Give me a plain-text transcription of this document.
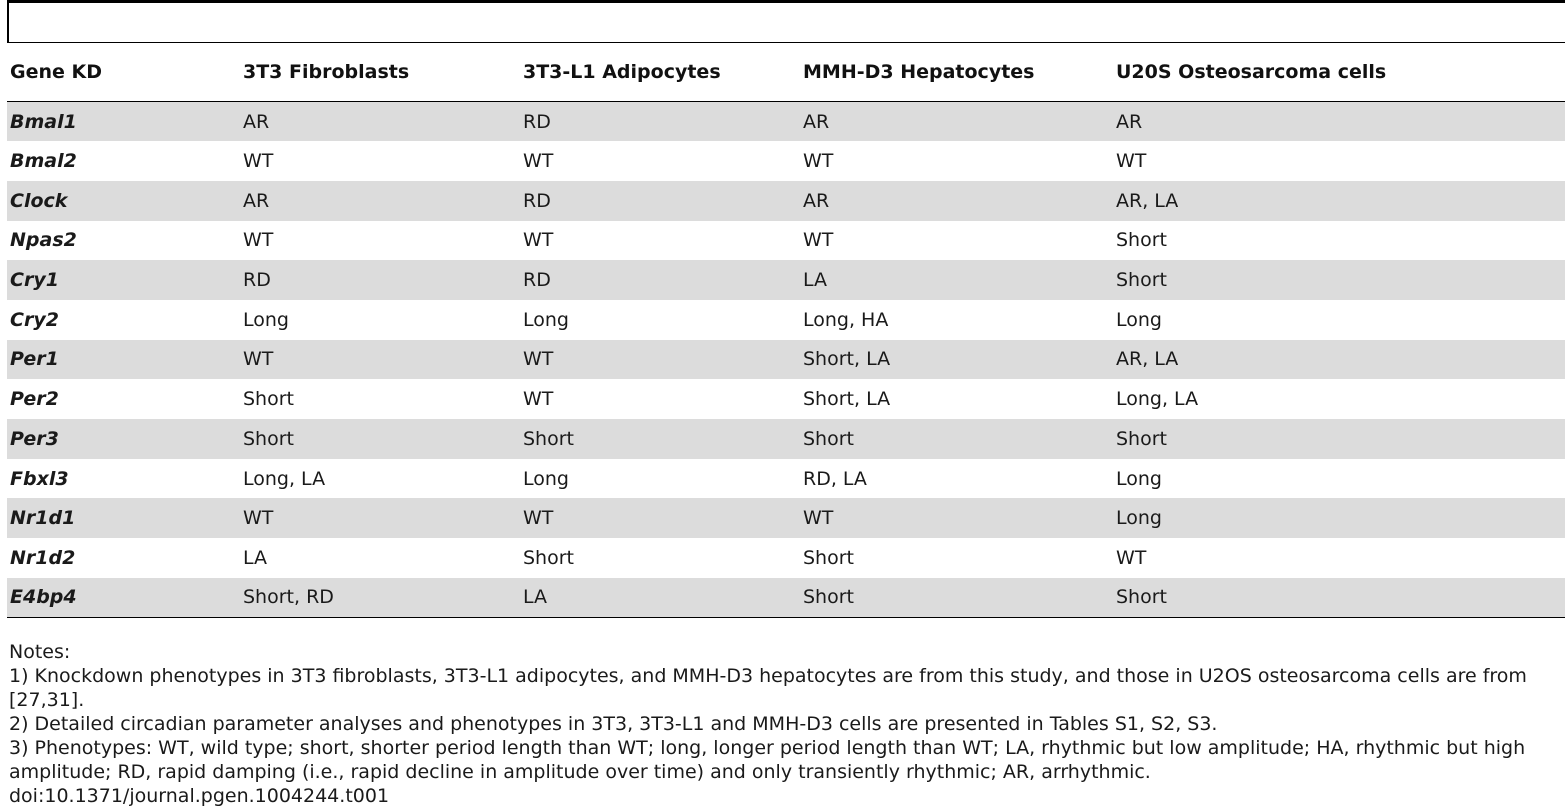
Gene KD	3T3 Fibroblasts	3T3-L1 Adipocytes	MMH-D3 Hepatocytes	U20S Osteosarcoma cells
Bmal1	AR	RD	AR	AR
Bmal2	WT	WT	WT	WT
Clock	AR	RD	AR	AR, LA
Npas2	WT	WT	WT	Short
Cry1	RD	RD	LA	Short
Cry2	Long	Long	Long, HA	Long
Per1	WT	WT	Short, LA	AR, LA
Per2	Short	WT	Short, LA	Long, LA
Per3	Short	Short	Short	Short
Fbxl3	Long, LA	Long	RD, LA	Long
Nr1d1	WT	WT	WT	Long
Nr1d2	LA	Short	Short	WT
E4bp4	Short, RD	LA	Short	Short

Notes:

1) Knockdown phenotypes in 3T3 fibroblasts, 3T3-L1 adipocytes, and MMH-D3 hepatocytes are from this study, and those in U2OS osteosarcoma cells are from [27,31].

2) Detailed circadian parameter analyses and phenotypes in 3T3, 3T3-L1 and MMH-D3 cells are presented in Tables S1, S2, S3.

3) Phenotypes: WT, wild type; short, shorter period length than WT; long, longer period length than WT; LA, rhythmic but low amplitude; HA, rhythmic but high amplitude; RD, rapid damping (i.e., rapid decline in amplitude over time) and only transiently rhythmic; AR, arrhythmic.

doi:10.1371/journal.pgen.1004244.t001
